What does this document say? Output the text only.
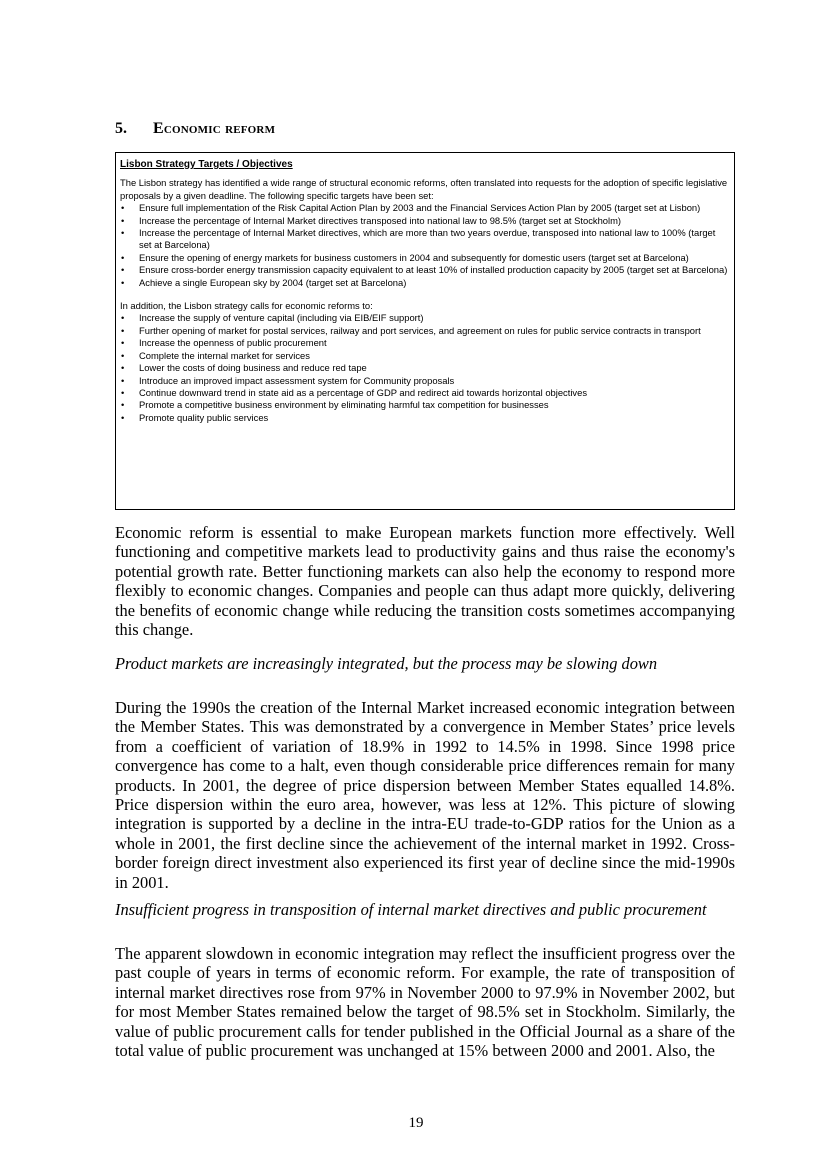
5. Economic reform
Lisbon Strategy Targets / Objectives

The Lisbon strategy has identified a wide range of structural economic reforms, often translated into requests for the adoption of specific legislative proposals by a given deadline. The following specific targets have been set:

• Ensure full implementation of the Risk Capital Action Plan by 2003 and the Financial Services Action Plan by 2005 (target set at Lisbon)
• Increase the percentage of Internal Market directives transposed into national law to 98.5% (target set at Stockholm)
• Increase the percentage of Internal Market directives, which are more than two years overdue, transposed into national law to 100% (target set at Barcelona)
• Ensure the opening of energy markets for business customers in 2004 and subsequently for domestic users (target set at Barcelona)
• Ensure cross-border energy transmission capacity equivalent to at least 10% of installed production capacity by 2005 (target set at Barcelona)
• Achieve a single European sky by 2004 (target set at Barcelona)

In addition, the Lisbon strategy calls for economic reforms to:

• Increase the supply of venture capital (including via EIB/EIF support)
• Further opening of market for postal services, railway and port services, and agreement on rules for public service contracts in transport
• Increase the openness of public procurement
• Complete the internal market for services
• Lower the costs of doing business and reduce red tape
• Introduce an improved impact assessment system for Community proposals
• Continue downward trend in state aid as a percentage of GDP and redirect aid towards horizontal objectives
• Promote a competitive business environment by eliminating harmful tax competition for businesses
• Promote quality public services

Economic reform is essential to make European markets function more effectively. Well functioning and competitive markets lead to productivity gains and thus raise the economy's potential growth rate. Better functioning markets can also help the economy to respond more flexibly to economic changes. Companies and people can thus adapt more quickly, delivering the benefits of economic change while reducing the transition costs sometimes accompanying this change.

Product markets are increasingly integrated, but the process may be slowing down

During the 1990s the creation of the Internal Market increased economic integration between the Member States. This was demonstrated by a convergence in Member States’ price levels from a coefficient of variation of 18.9% in 1992 to 14.5% in 1998. Since 1998 price convergence has come to a halt, even though considerable price differences remain for many products. In 2001, the degree of price dispersion between Member States equalled 14.8%. Price dispersion within the euro area, however, was less at 12%. This picture of slowing integration is supported by a decline in the intra-EU trade-to-GDP ratios for the Union as a whole in 2001, the first decline since the achievement of the internal market in 1992. Cross-border foreign direct investment also experienced its first year of decline since the mid-1990s in 2001.

Insufficient progress in transposition of internal market directives and public procurement

The apparent slowdown in economic integration may reflect the insufficient progress over the past couple of years in terms of economic reform. For example, the rate of transposition of internal market directives rose from 97% in November 2000 to 97.9% in November 2002, but for most Member States remained below the target of 98.5% set in Stockholm. Similarly, the value of public procurement calls for tender published in the Official Journal as a share of the total value of public procurement was unchanged at 15% between 2000 and 2001. Also, the

19
